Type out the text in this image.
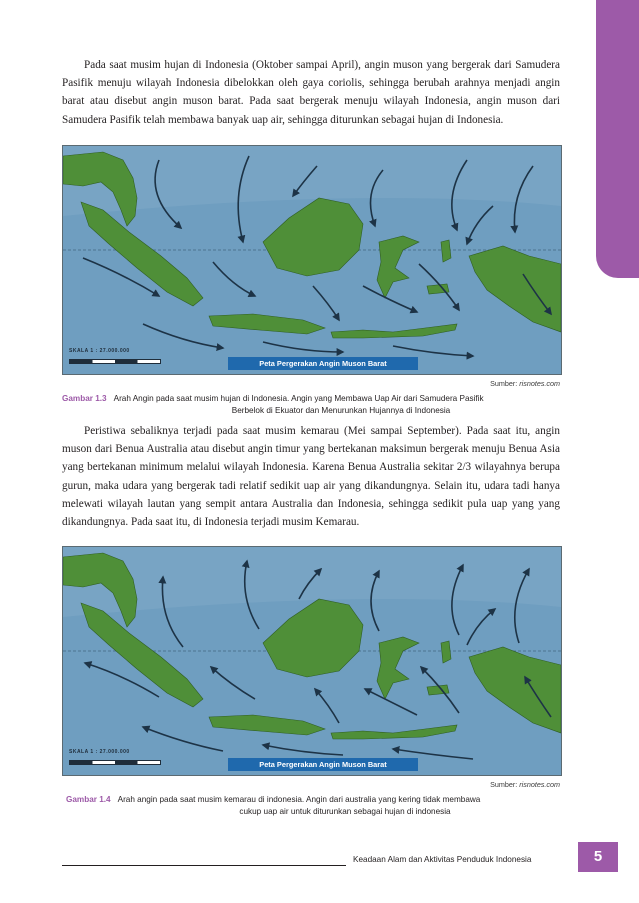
Pada saat musim hujan di Indonesia (Oktober sampai April), angin muson yang bergerak dari Samudera Pasifik menuju wilayah Indonesia dibelokkan oleh gaya coriolis, sehingga berubah arahnya menjadi angin barat atau disebut angin muson barat. Pada saat bergerak menuju wilayah Indonesia, angin muson dari Samudera Pasifik telah membawa banyak uap air, sehingga diturunkan sebagai hujan di Indonesia.

SKALA 1 : 27.000.000
Peta Pergerakan Angin Muson Barat
Sumber: risnotes.com
Gambar 1.3 Arah Angin pada saat musim hujan di Indonesia. Angin yang Membawa Uap Air dari Samudera Pasifik
Berbelok di Ekuator dan Menurunkan Hujannya di Indonesia

Peristiwa sebaliknya terjadi pada saat musim kemarau (Mei sampai September). Pada saat itu, angin muson dari Benua Australia atau disebut angin timur yang bertekanan maksimun bergerak menuju Benua Asia yang bertekanan minimum melalui wilayah Indonesia. Karena Benua Australia sekitar 2/3 wilayahnya berupa gurun, maka udara yang bergerak tadi relatif sedikit uap air yang dikandungnya. Selain itu, udara tadi hanya melewati wilayah lautan yang sempit antara Australia dan Indonesia, sehingga sedikit pula uap yang yang dikandungnya. Pada saat itu, di Indonesia terjadi musim Kemarau.

SKALA 1 : 27.000.000
Peta Pergerakan Angin Muson Barat
Sumber: risnotes.com
Gambar 1.4 Arah angin pada saat musim kemarau di indonesia. Angin dari australia yang kering tidak membawa
cukup uap air untuk diturunkan sebagai hujan di indonesia
Keadaan Alam dan Aktivitas Penduduk Indonesia	5
